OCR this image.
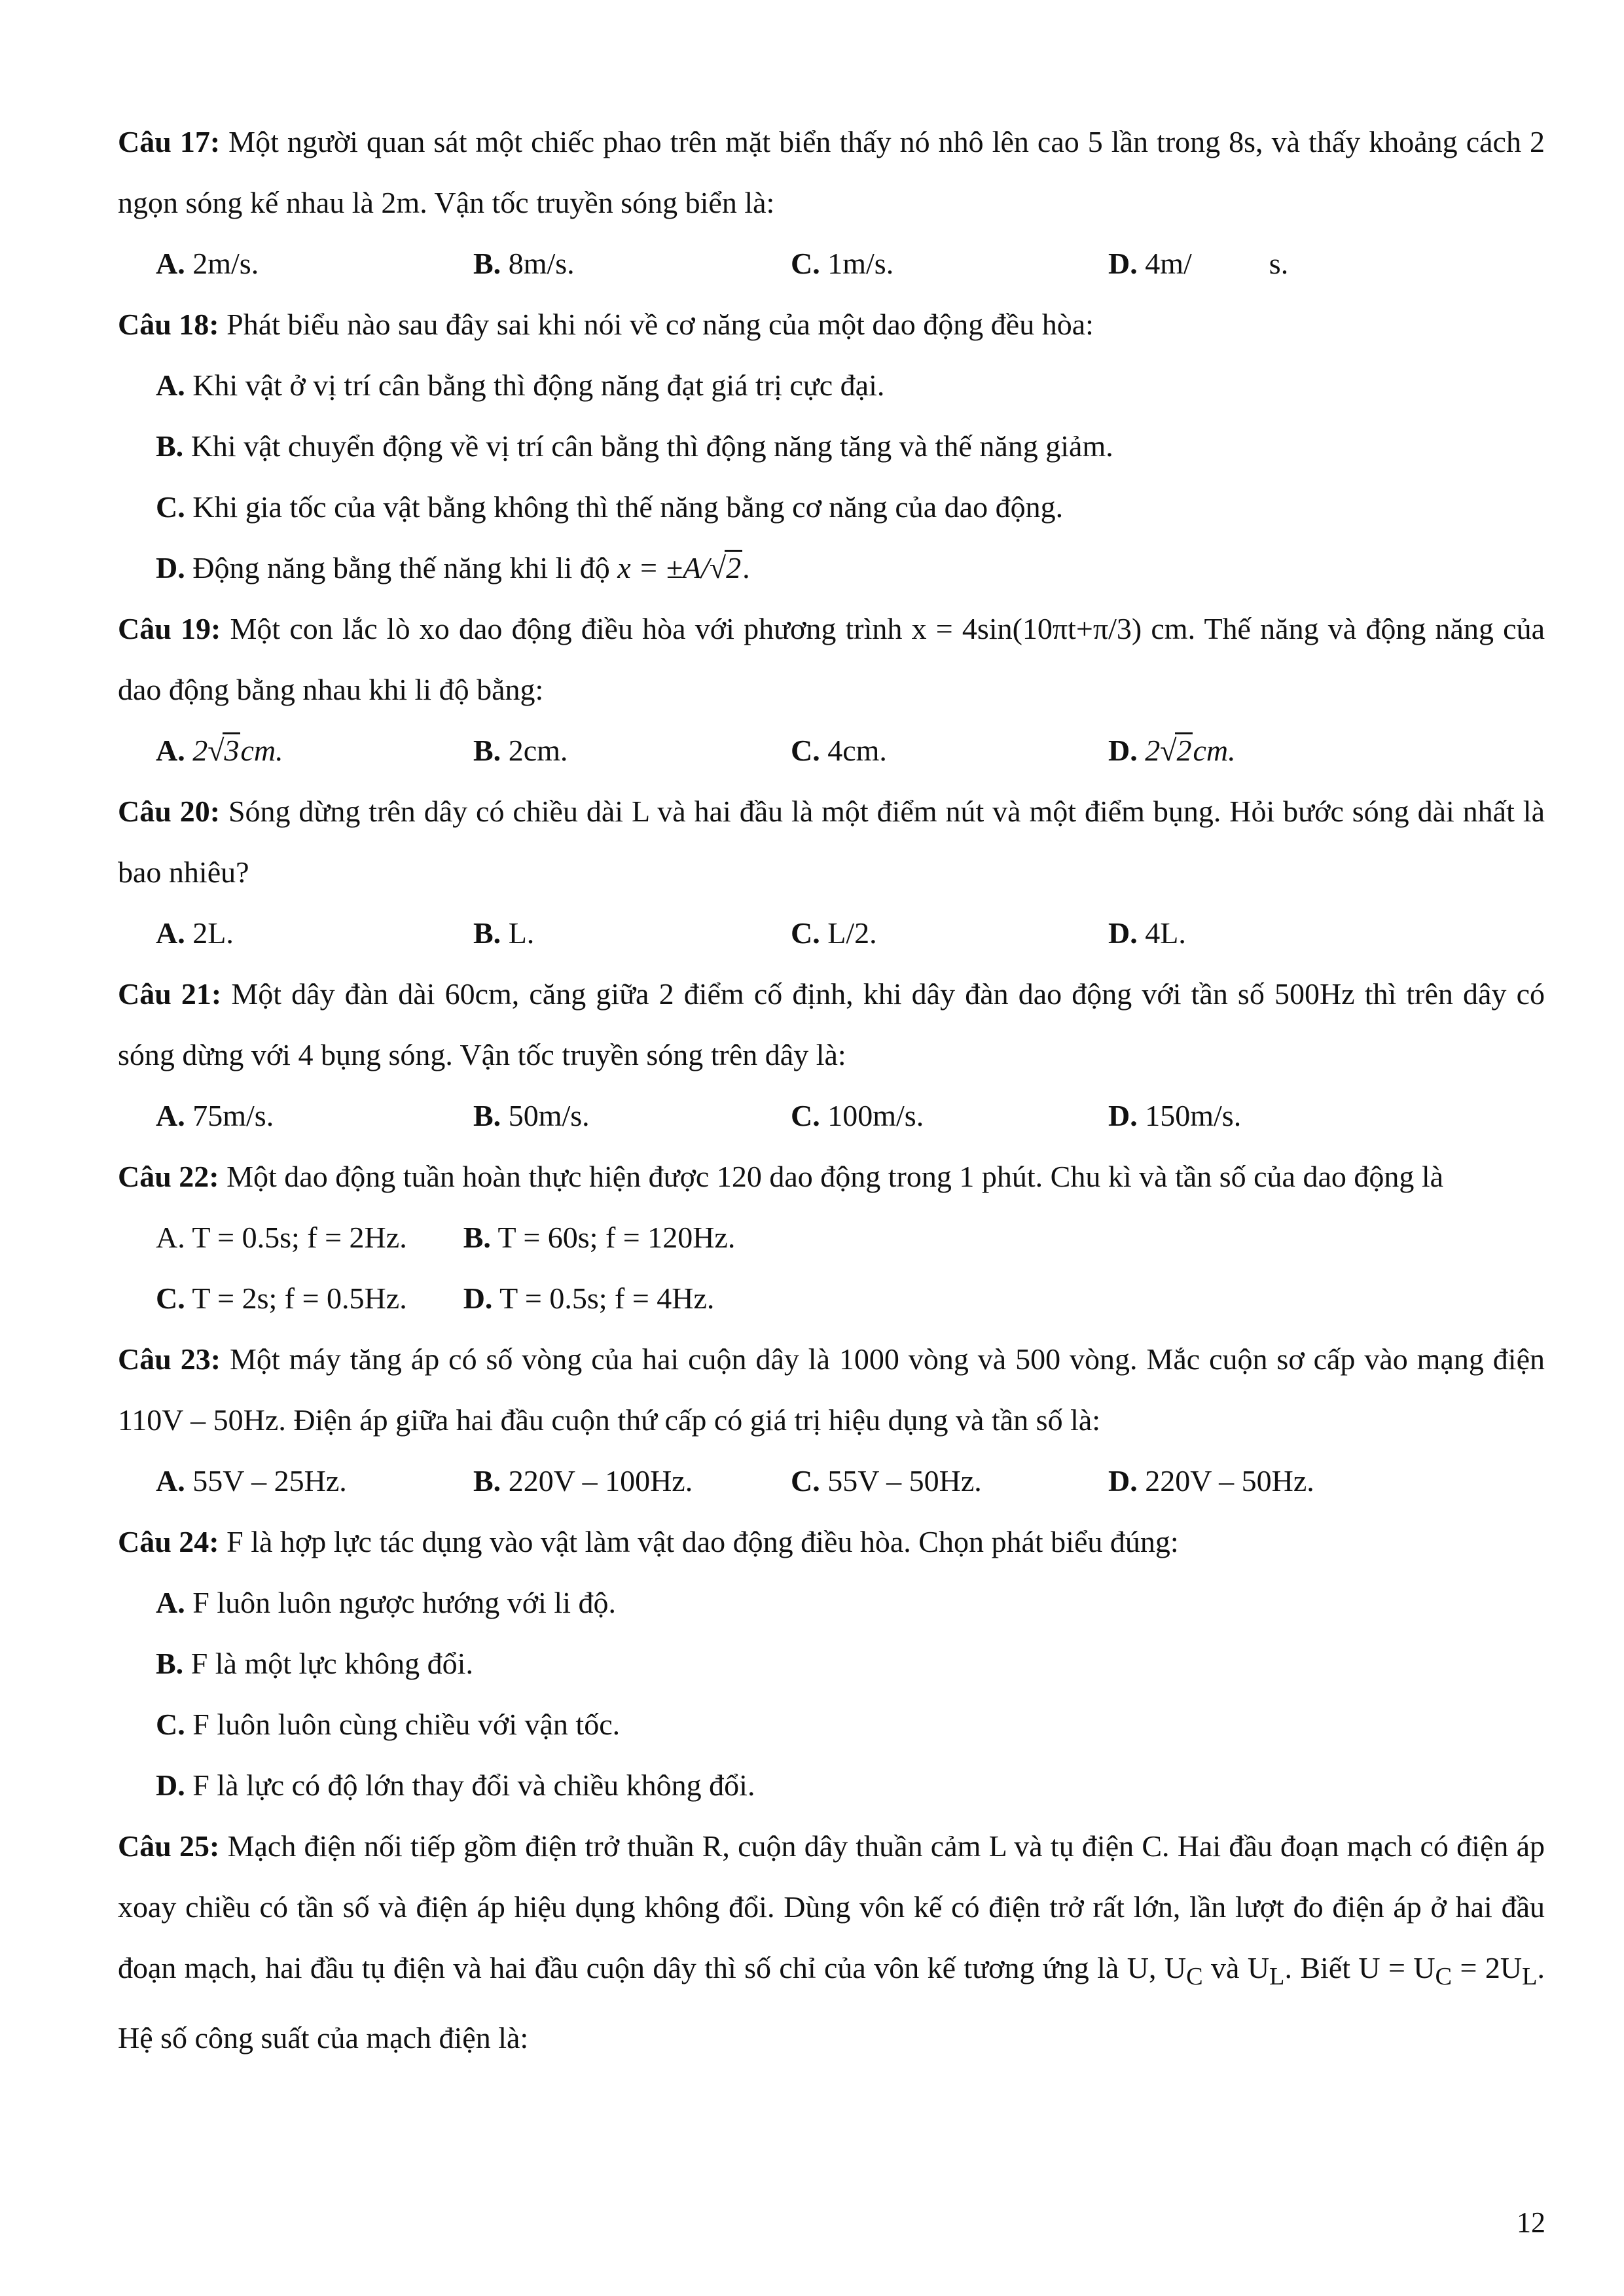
Câu 17: Một người quan sát một chiếc phao trên mặt biển thấy nó nhô lên cao 5 lần trong 8s, và thấy khoảng cách 2 ngọn sóng kế nhau là 2m. Vận tốc truyền sóng biển là:

A. 2m/s.	B. 8m/s.	C. 1m/s.	D. 4m/	s.

Câu 18: Phát biểu nào sau đây sai khi nói về cơ năng của một dao động đều hòa:

A. Khi vật ở vị trí cân bằng thì động năng đạt giá trị cực đại.
B. Khi vật chuyển động về vị trí cân bằng thì động năng tăng và thế năng giảm.
C. Khi gia tốc của vật bằng không thì thế năng bằng cơ năng của dao động.
D. Động năng bằng thế năng khi li độ x = ±A/√2.

Câu 19: Một con lắc lò xo dao động điều hòa với phương trình x = 4sin(10πt+π/3) cm. Thế năng và động năng của dao động bằng nhau khi li độ bằng:

A. 2√3cm.	B. 2cm.	C. 4cm.	D. 2√2cm.

Câu 20: Sóng dừng trên dây có chiều dài L và hai đầu là một điểm nút và một điểm bụng. Hỏi bước sóng dài nhất là bao nhiêu?

A. 2L.	B. L.	C. L/2.	D. 4L.

Câu 21: Một dây đàn dài 60cm, căng giữa 2 điểm cố định, khi dây đàn dao động với tần số 500Hz thì trên dây có sóng dừng với 4 bụng sóng. Vận tốc truyền sóng trên dây là:

A. 75m/s.	B. 50m/s.	C. 100m/s.	D. 150m/s.

Câu 22: Một dao động tuần hoàn thực hiện được 120 dao động trong 1 phút. Chu kì và tần số của dao động là

A. T = 0.5s; f = 2Hz. B. T = 60s; f = 120Hz.
C. T = 2s; f = 0.5Hz. D. T = 0.5s; f = 4Hz.

Câu 23: Một máy tăng áp có số vòng của hai cuộn dây là 1000 vòng và 500 vòng. Mắc cuộn sơ cấp vào mạng điện 110V – 50Hz. Điện áp giữa hai đầu cuộn thứ cấp có giá trị hiệu dụng và tần số là:

A. 55V – 25Hz.	B. 220V – 100Hz.	C. 55V – 50Hz.	D. 220V – 50Hz.

Câu 24: F là hợp lực tác dụng vào vật làm vật dao động điều hòa. Chọn phát biểu đúng:

A. F luôn luôn ngược hướng với li độ.
B. F là một lực không đổi.
C. F luôn luôn cùng chiều với vận tốc.
D. F là lực có độ lớn thay đổi và chiều không đổi.

Câu 25: Mạch điện nối tiếp gồm điện trở thuần R, cuộn dây thuần cảm L và tụ điện C. Hai đầu đoạn mạch có điện áp xoay chiều có tần số và điện áp hiệu dụng không đổi. Dùng vôn kế có điện trở rất lớn, lần lượt đo điện áp ở hai đầu đoạn mạch, hai đầu tụ điện và hai đầu cuộn dây thì số chỉ của vôn kế tương ứng là U, $U_C$ và $U_L$. Biết $U = U_C = 2U_L$. Hệ số công suất của mạch điện là:

12
